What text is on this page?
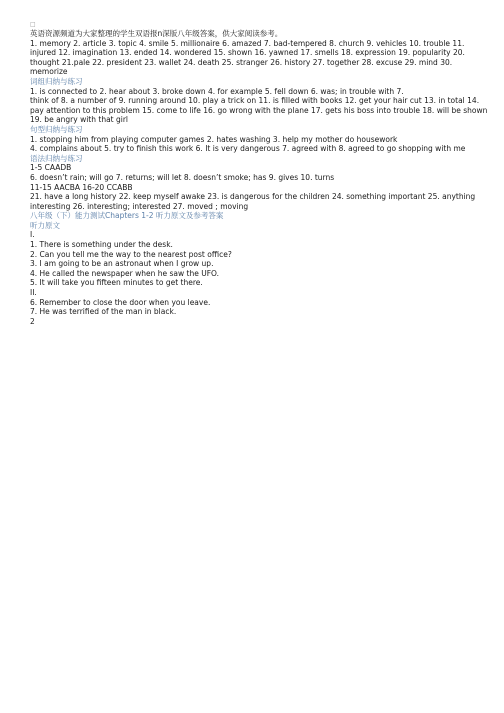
□

英语资源频道为大家整理的学生双语报n深版八年级答案，供大家阅读参考。

1. memory 2. article 3. topic 4. smile 5. millionaire 6. amazed 7. bad-tempered 8. church 9. vehicles 10. trouble 11. injured 12. imagination 13. ended 14. wondered 15. shown 16. yawned 17. smells 18. expression 19. popularity 20. thought 21.pale 22. president 23. wallet 24. death 25. stranger 26. history 27. together 28. excuse 29. mind 30. memorize

词组归纳与练习

1. is connected to 2. hear about 3. broke down 4. for example 5. fell down 6. was; in trouble with 7.

think of 8. a number of 9. running around 10. play a trick on 11. is filled with books 12. get your hair cut 13. in total 14. pay attention to this problem 15. come to life 16. go wrong with the plane 17. gets his boss into trouble 18. will be shown 19. be angry with that girl

句型归纳与练习

1. stopping him from playing computer games 2. hates washing 3. help my mother do housework
4. complains about 5. try to finish this work 6. It is very dangerous 7. agreed with 8. agreed to go shopping with me

语法归纳与练习

1-5 CAADB

6. doesn’t rain; will go 7. returns; will let 8. doesn’t smoke; has 9. gives 10. turns

11-15 AACBA 16-20 CCABB

21. have a long history 22. keep myself awake 23. is dangerous for the children 24. something important 25. anything interesting 26. interesting; interested 27. moved ; moving

八年级（下）能力测试Chapters 1-2 听力原文及参考答案

听力原文

I.

1. There is something under the desk.

2. Can you tell me the way to the nearest post office?

3. I am going to be an astronaut when I grow up.

4. He called the newspaper when he saw the UFO.

5. It will take you fifteen minutes to get there.

II.

6. Remember to close the door when you leave.

7. He was terrified of the man in black.

2
